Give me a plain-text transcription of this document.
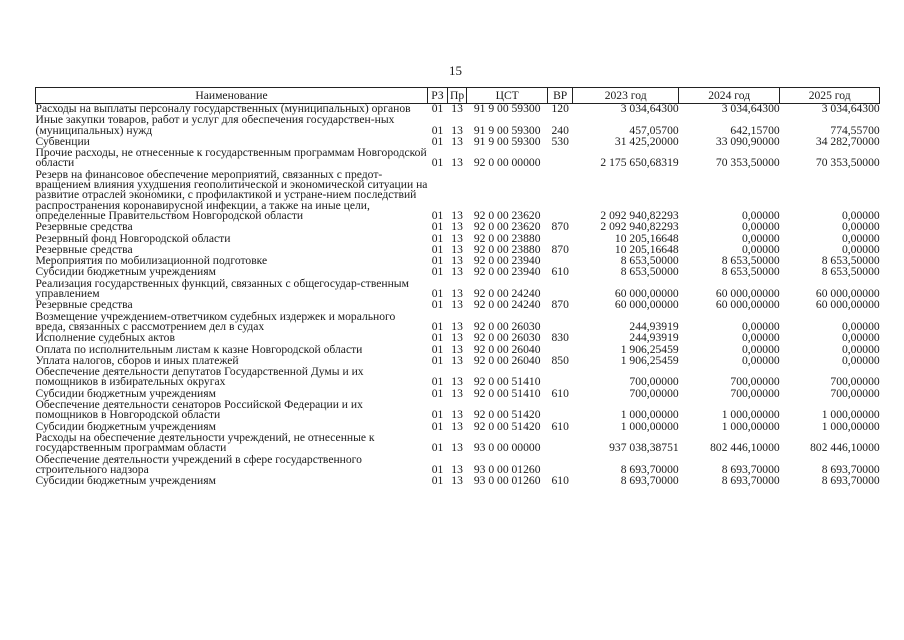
15
Наименование	РЗ	Пр	ЦСТ	ВР	2023 год	2024 год	2025 год
Расходы на выплаты персоналу государственных (муниципальных) органов	01	13	91 9 00 59300	120	3 034,64300	3 034,64300	3 034,64300
Иные закупки товаров, работ и услуг для обеспечения государствен-ных (муниципальных) нужд	01	13	91 9 00 59300	240	457,05700	642,15700	774,55700
Субвенции	01	13	91 9 00 59300	530	31 425,20000	33 090,90000	34 282,70000
Прочие расходы, не отнесенные к государственным программам Новгородской области	01	13	92 0 00 00000		2 175 650,68319	70 353,50000	70 353,50000
Резерв на финансовое обеспечение мероприятий, связанных с предот-вращением влияния ухудшения геополитической и экономической ситуации на развитие отраслей экономики, с профилактикой и устране-нием последствий распространения коронавирусной инфекции, а также на иные цели, определенные Правительством Новгородской области	01	13	92 0 00 23620		2 092 940,82293	0,00000	0,00000
Резервные средства	01	13	92 0 00 23620	870	2 092 940,82293	0,00000	0,00000
Резервный фонд Новгородской области	01	13	92 0 00 23880		10 205,16648	0,00000	0,00000
Резервные средства	01	13	92 0 00 23880	870	10 205,16648	0,00000	0,00000
Мероприятия по мобилизационной подготовке	01	13	92 0 00 23940		8 653,50000	8 653,50000	8 653,50000
Субсидии бюджетным учреждениям	01	13	92 0 00 23940	610	8 653,50000	8 653,50000	8 653,50000
Реализация государственных функций, связанных с общегосудар-ственным управлением	01	13	92 0 00 24240		60 000,00000	60 000,00000	60 000,00000
Резервные средства	01	13	92 0 00 24240	870	60 000,00000	60 000,00000	60 000,00000
Возмещение учреждением-ответчиком судебных издержек и морального вреда, связанных с рассмотрением дел в судах	01	13	92 0 00 26030		244,93919	0,00000	0,00000
Исполнение судебных актов	01	13	92 0 00 26030	830	244,93919	0,00000	0,00000
Оплата по исполнительным листам к казне Новгородской области	01	13	92 0 00 26040		1 906,25459	0,00000	0,00000
Уплата налогов, сборов и иных платежей	01	13	92 0 00 26040	850	1 906,25459	0,00000	0,00000
Обеспечение деятельности депутатов Государственной Думы и их помощников в избирательных округах	01	13	92 0 00 51410		700,00000	700,00000	700,00000
Субсидии бюджетным учреждениям	01	13	92 0 00 51410	610	700,00000	700,00000	700,00000
Обеспечение деятельности сенаторов Российской Федерации и их помощников в Новгородской области	01	13	92 0 00 51420		1 000,00000	1 000,00000	1 000,00000
Субсидии бюджетным учреждениям	01	13	92 0 00 51420	610	1 000,00000	1 000,00000	1 000,00000
Расходы на обеспечение деятельности учреждений, не отнесенные к государственным программам области	01	13	93 0 00 00000		937 038,38751	802 446,10000	802 446,10000
Обеспечение деятельности учреждений в сфере государственного строительного надзора	01	13	93 0 00 01260		8 693,70000	8 693,70000	8 693,70000
Субсидии бюджетным учреждениям	01	13	93 0 00 01260	610	8 693,70000	8 693,70000	8 693,70000
